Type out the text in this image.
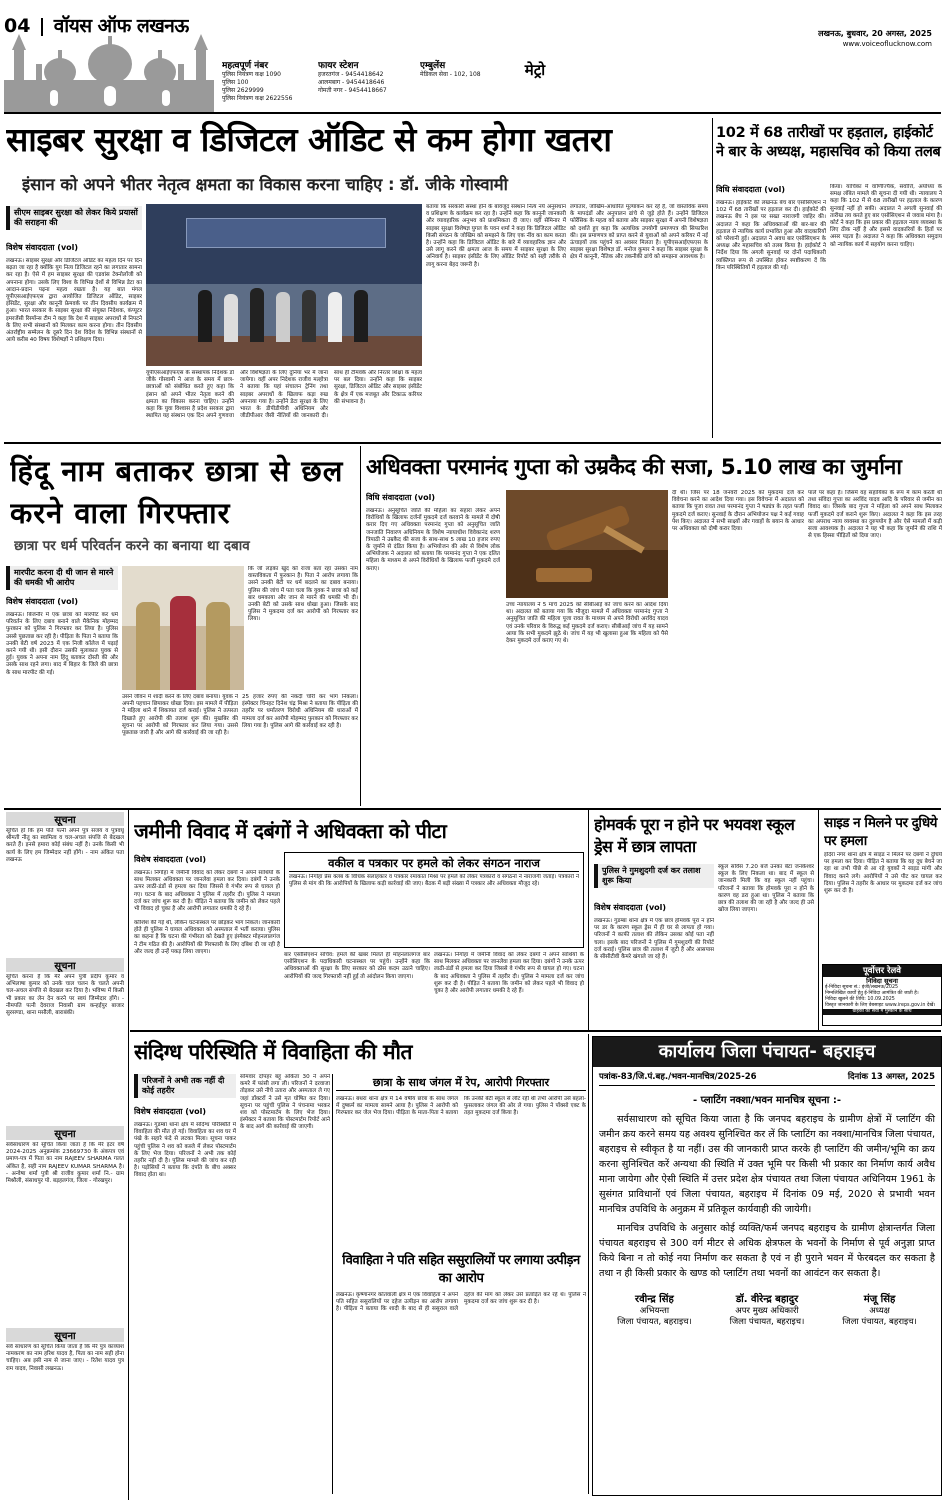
04 वॉयस ऑफ लखनऊ	लखनऊ, बुधवार, 20 अगस्त, 2025
www.voiceoflucknow.com
महत्वपूर्ण नंबर
पुलिस नियंत्रण कक्ष 1090
पुलिस 100
पुलिस 2629999
पुलिस नियंत्रण कक्ष 2622556
फायर स्टेशन
हजरतगंज - 9454418642
आलमबाग - 9454418646
गोमती नगर - 9454418667
एम्बुलेंस
मेडिकल सेवा - 102, 108	मेट्रो
साइबर सुरक्षा व डिजिटल ऑडिट से कम होगा खतरा
इंसान को अपने भीतर नेतृत्व क्षमता का विकास करना चाहिए : डॉ. जीके गोस्वामी
सीएम साइबर सुरक्षा को लेकर किये प्रयासों की सराहना की
विशेष संवाददाता (vol)
लखनऊ। साइबर सुरक्षा और डिजिटल ऑडिट का महत्व दिन पर दिन बढ़ता जा रहा है क्योंकि युग नित्य डिजिटल रहने का लगातार सामना कर रहा है। ऐसे में हम साइबर सुरक्षा की एडवांस टेक्नोलॉजी को अपनाना होगा। उसके लिए विश्व के विभिन्न देशों से विभिन्न डेटा का आदान-प्रदान पढ़ना महत्व रखता है। यह बात मंगल यूपीएसआईएफएस द्वारा आयोजित डिजिटल ऑडिट, साइबर इंसिडेंट, सुरक्षा और कानूनी फ्रेमवर्क पर तीन दिवसीय कार्यक्रम में हुआ। भारत सरकार के साइबर सुरक्षा की संयुक्त निदेशक, कंप्यूटर इमरजेंसी रिस्पॉन्स टीम ने कहा कि देश में साइबर अपराधों से निपटने के लिए सभी संस्थानों को मिलकर काम करना होगा। तीन दिवसीय अंतर्राष्ट्रीय सम्मेलन के दूसरे दिन देश विदेश के विभिन्न संस्थानों से आये करीब 40 विषय विशेषज्ञों ने प्रशिक्षण दिया।
यूपीएसआईएफएस के संस्थापक निदेशक डॉ जीके गोस्वामी ने आज के समय में छात्र-छात्राओं को संबोधित करते हुए कहा कि इंसान को अपने भीतर नेतृत्व करने की क्षमता का विकास करना चाहिए। उन्होंने कहा कि युवा विश्वास है प्रदेश सरकार द्वारा स्थापित यह संस्थान एक दिन अपने गुणवत्ता और विशेषज्ञता के लिए दुनिया भर में जाना जायेगा। वहीं अपर निदेशक राजीव मल्होत्रा ने बताया कि यहां संचालन ट्रेनिंग तथा साइबर अपराधों के खिलाफ कड़ा रुख अपनाया गया है। उन्होंने डेटा सुरक्षा के लिए भारत के डीपीडीपीवी अधिनियम और जीडीपीआर जैसी नीतियों की जानकारी दी। साथ ही टीमवर्क और निरंतर शिक्षा के महत्व पर बल दिया। उन्होंने कहा कि साइबर सुरक्षा, डिजिटल ऑडिट और साइबर इंसीडेंट के क्षेत्र में एक मजबूत और टिकाऊ करियर की संभावना है।
बताया कि सरकारी संस्था होने के बावजूद संस्थान नित्य नये अनुसंधान व प्रशिक्षण के कार्यक्रम कर रहा है। उन्होंने कहा कि कानूनी जानकारी और व्यावहारिक अनुभव को प्राथमिकता दी जाए। वहीं सेमिनार में साइबर सुरक्षा विशेषज्ञ युगल के पवन शर्मा ने कहा कि डिजिटल ऑडिट किसी संगठन के जोखिम को समझने के लिए एक नींव का काम करता है। उन्होंने कहा कि डिजिटल ऑडिट के बारे में व्यावहारिक ज्ञान और उसे लागू करने की क्षमता आज के समय में साइबर सुरक्षा के लिए अनिवार्य है। साइबर इंसीडेंट के लिए ऑडिट रिपोर्ट को सही तरीके से लागू करना बेहद जरूरी है।
लगातार, जोखिम-आधारित मूल्यांकन कर रहे हैं, जो वास्तविक समय के मापदंडों और अनुपालन ढांचे से जुड़े होते हैं। उन्होंने डिजिटल फोरेंसिक के महत्व को बताया और साइबर सुरक्षा में अपनी विशेषज्ञता को दर्शाते हुए कहा कि अत्यधिक उपयोगी प्रमाणपत्र की सिफारिश की। इस प्रमाणपत्र को प्राप्त करने से युवाओं को अपने करियर में नई ऊंचाइयों तक पहुंचने का अवसर मिलता है। यूपीएसआईएफएस के साइबर सुरक्षा विशेषज्ञ डॉ. मनोज कुमार ने कहा कि साइबर सुरक्षा के क्षेत्र में कानूनी, नैतिक और तकनीकी ढांचे को समझना आवश्यक है।
102 में 68 तारीखों पर हड़ताल, हाईकोर्ट ने बार के अध्यक्ष, महासचिव को किया तलब
विधि संवाददाता (vol)
लखनऊ। हाईकोर्ट की लखनऊ बेंच बार एसोसिएशन ने 102 में 68 तारीखों पर हड़ताल कर दी। हाईकोर्ट की लखनऊ बेंच ने इस पर सख्त नाराजगी जाहिर की। अदालत ने कहा कि अधिवक्ताओं की बार-बार की हड़ताल से न्यायिक कार्य प्रभावित हुआ और वादकारियों को परेशानी हुई। अदालत ने अवध बार एसोसिएशन के अध्यक्ष और महासचिव को तलब किया है। हाईकोर्ट ने निर्देश दिया कि अगली सुनवाई पर दोनों पदाधिकारी व्यक्तिगत रूप से उपस्थित होकर स्पष्टीकरण दें कि किन परिस्थितियों में हड़ताल की गई।
किया। याचिका में वाणिज्यिक, सर्वोत्ति, अयोध्या के समक्ष लंबित मामले की सूचना दी गयी थी। न्यायालय ने कहा कि 102 में से 68 तारीखों पर हड़ताल के कारण सुनवाई नहीं हो सकी। अदालत ने अगली सुनवाई की तारीख तय करते हुए बार एसोसिएशन से जवाब मांगा है। कोर्ट ने कहा कि इस प्रकार की हड़ताल न्याय व्यवस्था के लिए ठीक नहीं है और इससे वादकारियों के हितों पर असर पड़ता है। अदालत ने कहा कि अधिवक्ता समुदाय को न्यायिक कार्य में सहयोग करना चाहिए।
हिंदू नाम बताकर छात्रा से छल करने वाला गिरफ्तार
छात्रा पर धर्म परिवर्तन करने का बनाया था दबाव
मारपीट करना दी थी जान से मारने की धमकी भी आरोप
विशेष संवाददाता (vol)
लखनऊ। बिजनौर में एक छात्रा को मारपीट कर धर्म परिवर्तन के लिए दबाव बनाने वाले मैकेनिक मोहम्मद फुरकान को पुलिस ने गिरफ्तार कर लिया है। पुलिस उससे पूछताछ कर रही है। पीड़िता के पिता ने बताया कि उनकी बेटी वर्ष 2023 में एक निजी कॉलेज में पढ़ाई करने गयी थी। इसी दौरान उसकी मुलाकात युवक से हुई। युवक ने अपना नाम हिंदू बताकर दोस्ती की और उसके साथ रहने लगा। बाद में बिहार के जिले की छात्रा के साथ मारपीट की गई।
कि जो लड़का खुद को राजा बता रहा उसका नाम वास्तविकता में फुरकान है। पिता ने आरोप लगाया कि उसने उनकी बेटी पर धर्म बदलने का दबाव बनाया। पुलिस की जांच में पता चला कि युवक ने छात्रा को कई बार धमकाया और जान से मारने की धमकी भी दी। उनकी बेटी को उसके साथ धोखा हुआ। जिसके बाद पुलिस ने मुकदमा दर्ज कर आरोपी को गिरफ्तार कर लिया।
उसने जीवन में शादी करने के लिए दबाव बनाया। युवक ने अपनी पहचान छिपाकर धोखा दिया। इस मामले में पीड़िता ने महिला थाने में शिकायत दर्ज कराई। पुलिस ने तत्परता दिखाते हुए आरोपी की तलाश शुरू की। मुखबिर की सूचना पर आरोपी को गिरफ्तार कर लिया गया। उससे पूछताछ जारी है और आगे की कार्रवाई की जा रही है।
25 हजार रुपए की नकदी चोरी कर भाग निकला। इंस्पेक्टर चिनहट दिनेश चंद्र मिश्रा ने बताया कि पीड़िता की तहरीर पर धर्मांतरण विरोधी अधिनियम की धाराओं में मामला दर्ज कर आरोपी मोहम्मद फुरकान को गिरफ्तार कर लिया गया है। पुलिस आगे की कार्रवाई कर रही है।
अधिवक्ता परमानंद गुप्ता को उम्रकैद की सजा, 5.10 लाख का जुर्माना
विधि संवाददाता (vol)
लखनऊ। अनुसूचित जाति की महिला का सहारा लेकर अपने विरोधियों के खिलाफ दर्जनों मुकदमे दर्ज करवाने के मामले में दोषी करार दिए गए अधिवक्ता परमानंद गुप्ता को अनुसूचित जाति जनजाति निवारण अधिनियम के विशेष न्यायाधीश विवेकानंद शरण त्रिपाठी ने उम्रकैद की सजा के साथ-साथ 5 लाख 10 हजार रुपए के जुर्माने से दंडित किया है। अभियोजन की ओर से विशेष लोक अभियोजक ने अदालत को बताया कि परमानंद गुप्ता ने एक दलित महिला के माध्यम से अपने विरोधियों के खिलाफ फर्जी मुकदमे दर्ज कराए।
उच्च न्यायालय ने 5 मार्च 2025 को सीबीआई को जांच करने का आदेश दिया था। अदालत को बताया गया कि मौजूदा मामले में अधिवक्ता परमानंद गुप्ता ने अनुसूचित जाति की महिला पूजा रावत के माध्यम से अपने विरोधी अरविंद यादव एवं उनके परिवार के विरुद्ध कई मुकदमे दर्ज कराए। सीबीआई जांच में यह सामने आया कि सभी मुकदमे झूठे थे। जांच में यह भी खुलासा हुआ कि महिला को पैसे देकर मुकदमे दर्ज कराए गए थे।
दी थी। जिस पर 18 जनवरी 2025 को मुकदमा दर्ज कर विवेचना करने का आदेश दिया गया। इस विवेचना में अदालत को बताया कि पूजा रावत तथा परमानंद गुप्ता ने षड्यंत्र के तहत फर्जी मुकदमे दर्ज कराए। सुनवाई के दौरान अभियोजन पक्ष ने कई गवाह पेश किए। अदालत ने सभी साक्ष्यों और गवाहों के बयान के आधार पर अधिवक्ता को दोषी करार दिया।
पाले पर कहा है। जिसमें वह सहायिका के रूप में काम करती थी तथा संविदा गुप्ता का अरविंद यादव आदि के परिवार से जमीन का विवाद था। जिसके बाद गुप्ता ने महिला को अपने साथ मिलाकर फर्जी मुकदमे दर्ज कराने शुरू किए। अदालत ने कहा कि इस तरह का अपराध न्याय व्यवस्था का दुरुपयोग है और ऐसे मामलों में कड़ी सजा आवश्यक है। अदालत ने यह भी कहा कि जुर्माने की राशि में से एक हिस्सा पीड़ितों को दिया जाए।
सूचना
सूचित हो कि हम पति पत्नी अपने पुत्र संजय व पुत्रवधू श्रीमती नीतू का स्वामित्व व चल-अचल संपत्ति से बेदखल करते हैं। इनसे हमारा कोई संबंध नहीं है। उनके किसी भी कार्य के लिए हम जिम्मेदार नहीं होंगे। - नाम अंकित पता लखनऊ
सूचना
सूचित करना है कि मेरे अपने पुत्री प्रदीप कुमार व अभिलाषा कुमार को उनके चाल चलन के चलते अपनी चल-अचल संपत्ति से बेदखल कर दिया है। भविष्य में किसी भी प्रकार का लेन देन करने पर स्वयं जिम्मेदार होंगे। - नीमपति पत्नी देवराज निवासी ग्राम कन्हईपुर बाजार सुरसण्डा, थाना मसौली, बाराबंकी।
सूचना
सर्वसाधारण को सूचित किया जाता है कि मेरे इंटर वर्ष 2024-2025 अनुक्रमांक 23669730 के अंकपत्र एवं प्रमाण-पत्र में पिता का नाम RAJEEV SHARMA गलत अंकित है, सही नाम RAJEEV KUMAR SHARMA है। - अन्वेषा शर्मा पुत्री श्री राजीव कुमार शर्मा नि.- ग्राम मिश्रौली, संसाधपुर पो. बड़हलगंज, जिला - गोरखपुर।
सूचना
सर्व साधारण को सूचित किया जाता है कि मेरे पुत्र काव्यांश नामकरण का नाम हरिश यादव है, पिता का नाम सही होना चाहिए। अब इसी नाम से जाना जाए। - रितेश यादव पुत्र राम यादव, निवासी लखनऊ।
जमीनी विवाद में दबंगों ने अधिवक्ता को पीटा
विशेष संवाददाता (vol)
लखनऊ। निगोहा में जमीनी विवाद को लेकर दबंगों ने अपने साथियों के साथ मिलकर अधिवक्ता पर जानलेवा हमला कर दिया। दबंगों ने उनके ऊपर लाठी-डंडों से हमला कर दिया जिससे वे गंभीर रूप से घायल हो गए। घटना के बाद अधिवक्ता ने पुलिस में तहरीर दी। पुलिस ने मामला दर्ज कर जांच शुरू कर दी है। पीड़ित ने बताया कि जमीन को लेकर पहले भी विवाद हो चुका है और आरोपी लगातार धमकी दे रहे हैं।
वकील व पत्रकार पर हमले को लेकर संगठन नाराज
लखनऊ। निगोहा प्रेस क्लब के विधिक सलाहकार व पत्रकार रमाकांत मिश्रा पर हमले को लेकर पत्रकारों व संगठनों ने नाराजगी जताई। पत्रकारों ने पुलिस से मांग की कि आरोपियों के खिलाफ कड़ी कार्रवाई की जाए। बैठक में बड़ी संख्या में पत्रकार और अधिवक्ता मौजूद रहे।
कोशिश की गई थी, लेकिन घटनास्थल पर छोड़कर भाग निकले। जानकारी होते ही पुलिस ने घायल अधिवक्ता को अस्पताल में भर्ती कराया। पुलिस का कहना है कि घटना की गंभीरता को देखते हुए इंस्पेक्टर मोहनलालगंज ने टीम गठित की है। आरोपियों की गिरफ्तारी के लिए दबिश दी जा रही है और जल्द ही उन्हें पकड़ लिया जाएगा।
बार एसोसिएशन सचिव: हमले की खबर मिलते ही मोहनलालगंज बार एसोसिएशन के पदाधिकारी घटनास्थल पर पहुंचे। उन्होंने कहा कि अधिवक्ताओं की सुरक्षा के लिए सरकार को ठोस कदम उठाने चाहिए। आरोपियों की जल्द गिरफ्तारी नहीं हुई तो आंदोलन किया जाएगा।
लखनऊ। निगोहा में जमीनी विवाद को लेकर दबंगों ने अपने साथियों के साथ मिलकर अधिवक्ता पर जानलेवा हमला कर दिया। दबंगों ने उनके ऊपर लाठी-डंडों से हमला कर दिया जिससे वे गंभीर रूप से घायल हो गए। घटना के बाद अधिवक्ता ने पुलिस में तहरीर दी। पुलिस ने मामला दर्ज कर जांच शुरू कर दी है। पीड़ित ने बताया कि जमीन को लेकर पहले भी विवाद हो चुका है और आरोपी लगातार धमकी दे रहे हैं।
होमवर्क पूरा न होने पर भयवश स्कूल ड्रेस में छात्र लापता
पुलिस ने गुमशुदगी दर्ज कर तलाश शुरू किया
विशेष संवाददाता (vol)
लखनऊ। गुडम्बा थाना क्षेत्र में एक छात्र होमवर्क पूरा न होने पर डर के कारण स्कूल ड्रेस में ही घर से लापता हो गया। परिजनों ने काफी तलाश की लेकिन उसका कोई पता नहीं चला। इसके बाद परिजनों ने पुलिस में गुमशुदगी की रिपोर्ट दर्ज कराई। पुलिस छात्र की तलाश में जुटी है और आसपास के सीसीटीवी कैमरे खंगाले जा रहे हैं।
स्कूल सर्विस 7.20 बजे उनका बेटा जनकेश्वर स्कूल के लिए निकला था। बाद में स्कूल से जानकारी मिली कि वह स्कूल नहीं पहुंचा। परिजनों ने बताया कि होमवर्क पूरा न होने के कारण वह डरा हुआ था। पुलिस ने बताया कि छात्र की तलाश की जा रही है और जल्द ही उसे खोज लिया जाएगा।
साइड न मिलने पर दुधिये पर हमला
इंदिरा नगर थाना क्षेत्र में साइड न मिलने पर दबंगों ने दुधिये पर हमला कर दिया। पीड़ित ने बताया कि वह दूध बेचने जा रहा था तभी पीछे से आ रहे युवकों ने साइड मांगी और विवाद करने लगे। आरोपियों ने उसे पीट कर घायल कर दिया। पुलिस ने तहरीर के आधार पर मुकदमा दर्ज कर जांच शुरू कर दी है।
पूर्वोत्तर रेलवे
निविदा सूचना
ई-निविदा सूचना सं.: इंजी/लखनऊ/2025
निम्नलिखित कार्यों हेतु ई-निविदा आमंत्रित की जाती है।
निविदा खुलने की तिथि: 10.09.2025
विस्तृत जानकारी के लिए वेबसाइट www.ireps.gov.in देखें।
ग्राहकों की सेवा में मुस्कान के साथ
संदिग्ध परिस्थिति में विवाहिता की मौत
परिजनों ने अभी तक नहीं दी कोई तहरीर
विशेष संवाददाता (vol)
लखनऊ। गुडम्बा थाना क्षेत्र में संदिग्ध परिस्थिति में विवाहिता की मौत हो गई। विवाहिता का शव घर में पंखे के सहारे फंदे से लटका मिला। सूचना पाकर पहुंची पुलिस ने शव को कब्जे में लेकर पोस्टमार्टम के लिए भेज दिया। परिजनों ने अभी तक कोई तहरीर नहीं दी है। पुलिस मामले की जांच कर रही है। पड़ोसियों ने बताया कि दंपति के बीच अक्सर विवाद होता था।
सोमवार दोपहर बहू अंकिता 30 ने अपने कमरे में फांसी लगा ली। परिजनों ने दरवाजा तोड़कर उसे नीचे उतारा और अस्पताल ले गए जहां डॉक्टरों ने उसे मृत घोषित कर दिया। सूचना पर पहुंची पुलिस ने पंचनामा भरकर शव को पोस्टमार्टम के लिए भेज दिया। इंस्पेक्टर ने बताया कि पोस्टमार्टम रिपोर्ट आने के बाद आगे की कार्रवाई की जाएगी।
छात्रा के साथ जंगल में रेप, आरोपी गिरफ्तार
लखनऊ। बंथरा थाना क्षेत्र में 14 वर्षीय छात्रा के साथ जंगल में दुष्कर्म का मामला सामने आया है। पुलिस ने आरोपी को गिरफ्तार कर जेल भेज दिया। पीड़िता के माता-पिता ने बताया कि उनकी बेटी स्कूल से लौट रही थी तभी आरोपी उसे बहला-फुसलाकर जंगल की ओर ले गया। पुलिस ने पॉक्सो एक्ट के तहत मुकदमा दर्ज किया है।
विवाहिता ने पति सहित ससुरालियों पर लगाया उत्पीड़न का आरोप
लखनऊ। कृष्णानगर कोतवाली क्षेत्र में एक विवाहिता ने अपने पति सहित ससुरालियों पर दहेज उत्पीड़न का आरोप लगाया है। पीड़िता ने बताया कि शादी के बाद से ही ससुराल वाले दहेज की मांग को लेकर उसे प्रताड़ित कर रहे थे। पुलिस ने मुकदमा दर्ज कर जांच शुरू कर दी है।
कार्यालय जिला पंचायत- बहराइच
पत्रांक-83/जि.पं.बह./भवन-मानचित्र/2025-26	दिनांक 13 अगस्त, 2025
- प्लाटिंग नक्शा/भवन मानचित्र सूचना :-
सर्वसाधारण को सूचित किया जाता है कि जनपद बहराइच के ग्रामीण क्षेत्रों में प्लाटिंग की जमीन क्रय करने समय यह अवश्य सुनिश्चित कर लें कि प्लाटिंग का नक्शा/मानचित्र जिला पंचायत, बहराइच से स्वीकृत है या नहीं। उस की जानकारी प्राप्त करके ही प्लाटिंग की जमीन/भूमि का क्रय करना सुनिश्चित करें अन्यथा की स्थिति में उक्त भूमि पर किसी भी प्रकार का निर्माण कार्य अवैध माना जायेगा और ऐसी स्थिति में उत्तर प्रदेश क्षेत्र पंचायत तथा जिला पंचायत अधिनियम 1961 के सुसंगत प्राविधानों एवं जिला पंचायत, बहराइच में दिनांक 09 मई, 2020 से प्रभावी भवन मानचित्र उपविधि के अनुक्रम में प्रतिकूल कार्यवाही की जायेगी।
मानचित्र उपविधि के अनुसार कोई व्यक्ति/फर्म जनपद बहराइच के ग्रामीण क्षेत्रान्तर्गत जिला पंचायत बहराइच से 300 वर्ग मीटर से अधिक क्षेत्रफल के भवनों के निर्माण से पूर्व अनुज्ञा प्राप्त किये बिना न तो कोई नया निर्माण कर सकता है एवं न ही पुराने भवन में फेरबदल कर सकता है तथा न ही किसी प्रकार के खण्ड को प्लाटिंग तथा भवनों का आवंटन कर सकता है।
रवीन्द्र सिंह
अभियन्ता
जिला पंचायत, बहराइच।
डॉ. वीरेन्द्र बहादुर
अपर मुख्य अधिकारी
जिला पंचायत, बहराइच।
मंजू सिंह
अध्यक्ष
जिला पंचायत, बहराइच।
